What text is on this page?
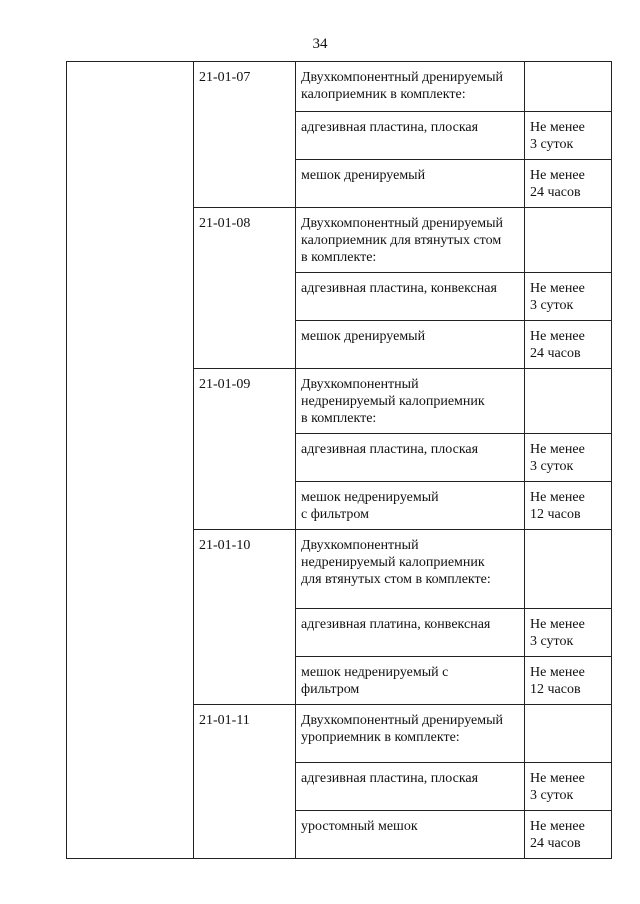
34
	21-01-07	Двухкомпонентный дренируемый
калоприемник в комплекте:	
		адгезивная пластина, плоская	Не менее
3 суток
		мешок дренируемый	Не менее
24 часов
	21-01-08	Двухкомпонентный дренируемый
калоприемник для втянутых стом
в комплекте:	
		адгезивная пластина, конвексная	Не менее
3 суток
		мешок дренируемый	Не менее
24 часов
	21-01-09	Двухкомпонентный
недренируемый калоприемник
в комплекте:	
		адгезивная пластина, плоская	Не менее
3 суток
		мешок недренируемый
с фильтром	Не менее
12 часов
	21-01-10	Двухкомпонентный
недренируемый калоприемник
для втянутых стом в комплекте:	
		адгезивная платина, конвексная	Не менее
3 суток
		мешок недренируемый с
фильтром	Не менее
12 часов
	21-01-11	Двухкомпонентный дренируемый
уроприемник в комплекте:	
		адгезивная пластина, плоская	Не менее
3 суток
		уростомный мешок	Не менее
24 часов
